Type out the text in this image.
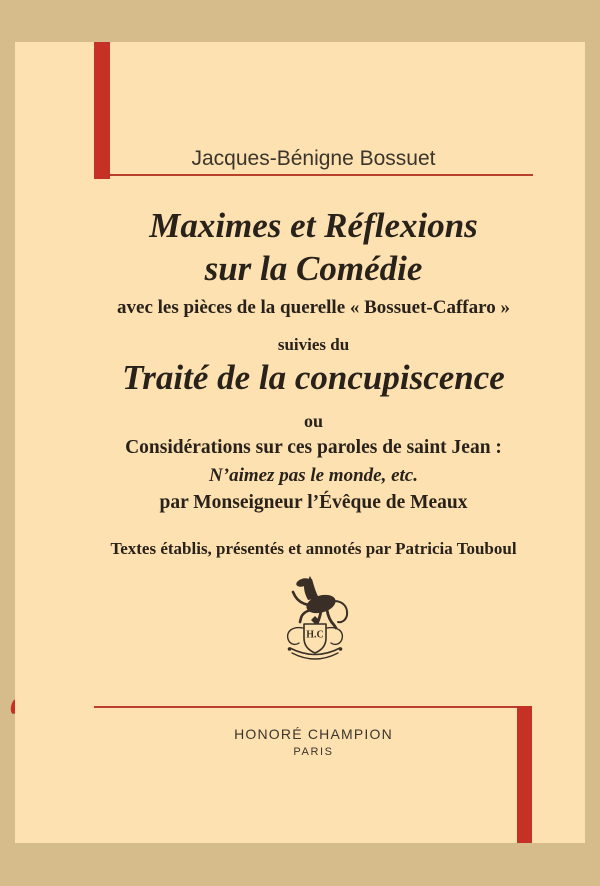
Jacques-Bénigne Bossuet
Maximes et Réflexions
sur la Comédie
avec les pièces de la querelle « Bossuet-Caffaro »
suivies du
Traité de la concupiscence
ou
Considérations sur ces paroles de saint Jean :
N’aimez pas le monde, etc.
par Monseigneur l’Évêque de Meaux
Textes établis, présentés et annotés par Patricia Touboul
H.C
HONORÉ CHAMPION
PARIS
